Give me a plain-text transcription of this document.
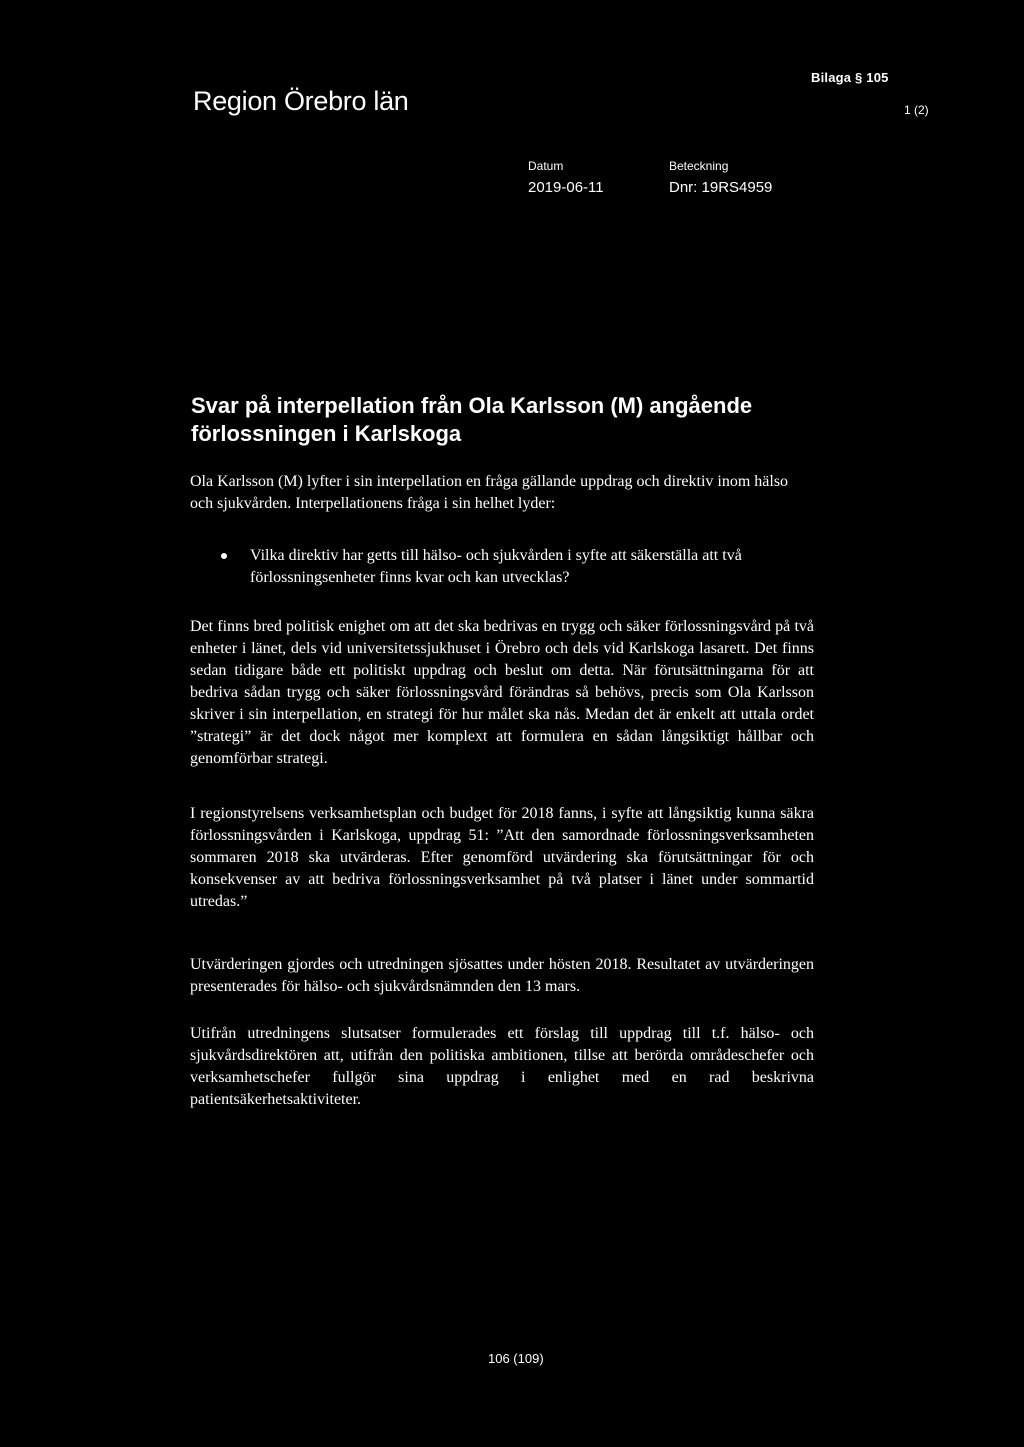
Bilaga § 105
Region Örebro län	1 (2)
Datum
2019-06-11
Beteckning
Dnr: 19RS4959
Svar på interpellation från Ola Karlsson (M) angående förlossningen i Karlskoga

Ola Karlsson (M) lyfter i sin interpellation en fråga gällande uppdrag och direktiv inom hälso och sjukvården. Interpellationens fråga i sin helhet lyder:

Vilka direktiv har getts till hälso- och sjukvården i syfte att säkerställa att två förlossningsenheter finns kvar och kan utvecklas?

Det finns bred politisk enighet om att det ska bedrivas en trygg och säker förlossningsvård på två enheter i länet, dels vid universitetssjukhuset i Örebro och dels vid Karlskoga lasarett. Det finns sedan tidigare både ett politiskt uppdrag och beslut om detta. När förutsättningarna för att bedriva sådan trygg och säker förlossningsvård förändras så behövs, precis som Ola Karlsson skriver i sin interpellation, en strategi för hur målet ska nås. Medan det är enkelt att uttala ordet ”strategi” är det dock något mer komplext att formulera en sådan långsiktigt hållbar och genomförbar strategi.

I regionstyrelsens verksamhetsplan och budget för 2018 fanns, i syfte att långsiktig kunna säkra förlossningsvården i Karlskoga, uppdrag 51: ”Att den samordnade förlossningsverksamheten sommaren 2018 ska utvärderas. Efter genomförd utvärdering ska förutsättningar för och konsekvenser av att bedriva förlossningsverksamhet på två platser i länet under sommartid utredas.”

Utvärderingen gjordes och utredningen sjösattes under hösten 2018. Resultatet av utvärderingen presenterades för hälso- och sjukvårdsnämnden den 13 mars.

Utifrån utredningens slutsatser formulerades ett förslag till uppdrag till t.f. hälso- och sjukvårdsdirektören att, utifrån den politiska ambitionen, tillse att berörda områdeschefer och verksamhetschefer fullgör sina uppdrag i enlighet med en rad beskrivna patientsäkerhetsaktiviteter.

106 (109)
